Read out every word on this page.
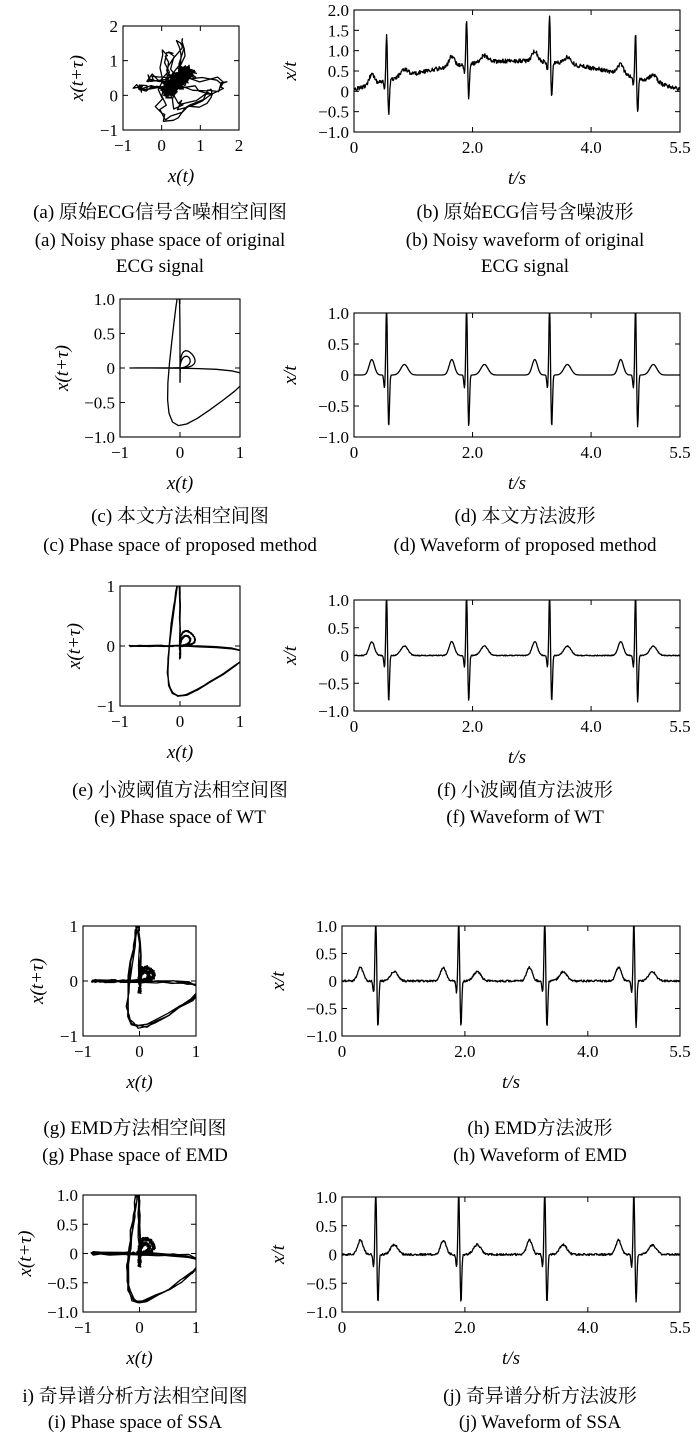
−1 0 1 2
−1
0
1
2
x(t)
x(t+τ)
(a) 原始ECG信号含噪相空间图
(a) Noisy phase space of original
ECG signal
0	2.0	4.0	5.5
2.0
1.5
1.0
0.5
0
−0.5
−1.0
t/s
x/t
(b) 原始ECG信号含噪波形
(b) Noisy waveform of original
ECG signal
−1	0	1
1.0
0.5
0
−0.5
−1.0
x(t)
x(t+τ)
(c) 本文方法相空间图
(c) Phase space of proposed method
0	2.0	4.0	5.5
1.0
0.5
0
−0.5
−1.0
t/s
x/t
(d) 本文方法波形
(d) Waveform of proposed method
−1	0	1
1
0
−1
x(t)
x(t+τ)
(e) 小波阈值方法相空间图
(e) Phase space of WT
0	2.0	4.0	5.5
1.0
0.5
0
−0.5
−1.0
t/s
x/t
(f) 小波阈值方法波形
(f) Waveform of WT
−1	0	1
1
0
−1
x(t)
x(t+τ)
(g) EMD方法相空间图
(g) Phase space of EMD
0	2.0	4.0	5.5
1.0
0.5
0
−0.5
−1.0
t/s
x/t
(h) EMD方法波形
(h) Waveform of EMD
−1	0	1
1.0
0.5
0
−0.5
−1.0
x(t)
x(t+τ)
i) 奇异谱分析方法相空间图
(i) Phase space of SSA
0	2.0	4.0	5.5
1.0
0.5
0
−0.5
−1.0
t/s
x/t
(j) 奇异谱分析方法波形
(j) Waveform of SSA
